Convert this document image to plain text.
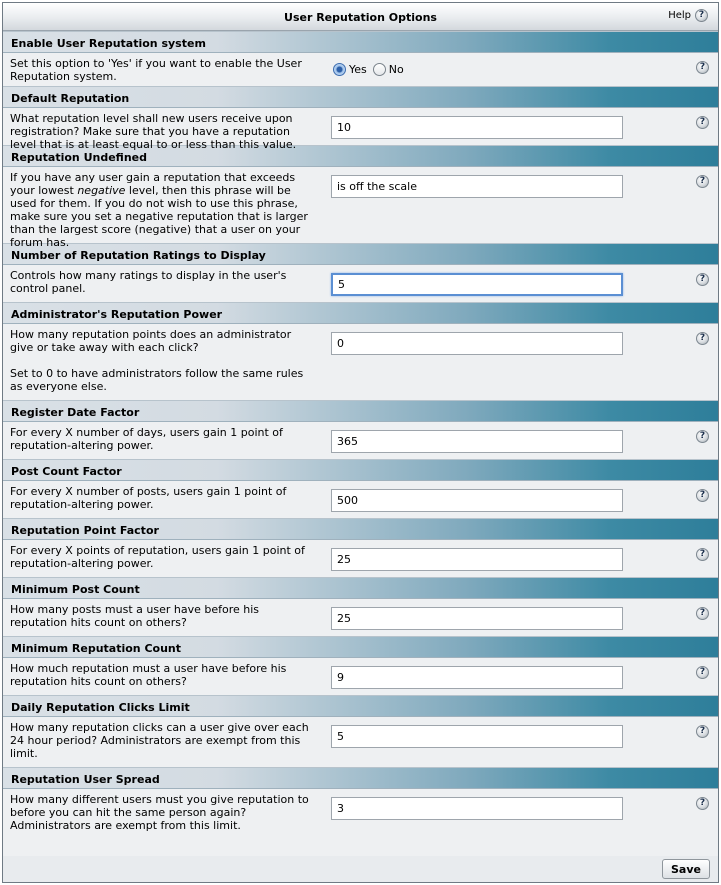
User Reputation Options	Help ?
Enable User Reputation system

Set this option to 'Yes' if you want to enable the User Reputation system.

Yes No	?
Default Reputation

What reputation level shall new users receive upon registration? Make sure that you have a reputation level that is at least equal to or less than this value.

10
?
Reputation Undefined

If you have any user gain a reputation that exceeds your lowest negative level, then this phrase will be used for them. If you do not wish to use this phrase, make sure you set a negative reputation that is larger than the largest score (negative) that a user on your forum has.

is off the scale
?
Number of Reputation Ratings to Display

Controls how many ratings to display in the user's control panel.

5
?
Administrator's Reputation Power

How many reputation points does an administrator give or take away with each click?

Set to 0 to have administrators follow the same rules as everyone else.

0
?
Register Date Factor

For every X number of days, users gain 1 point of reputation-altering power.

365
?
Post Count Factor

For every X number of posts, users gain 1 point of reputation-altering power.

500
?
Reputation Point Factor

For every X points of reputation, users gain 1 point of reputation-altering power.

25
?
Minimum Post Count

How many posts must a user have before his reputation hits count on others?

25
?
Minimum Reputation Count

How much reputation must a user have before his reputation hits count on others?

9
?
Daily Reputation Clicks Limit

How many reputation clicks can a user give over each 24 hour period? Administrators are exempt from this limit.

5
?
Reputation User Spread

How many different users must you give reputation to before you can hit the same person again? Administrators are exempt from this limit.

3
?
Save
